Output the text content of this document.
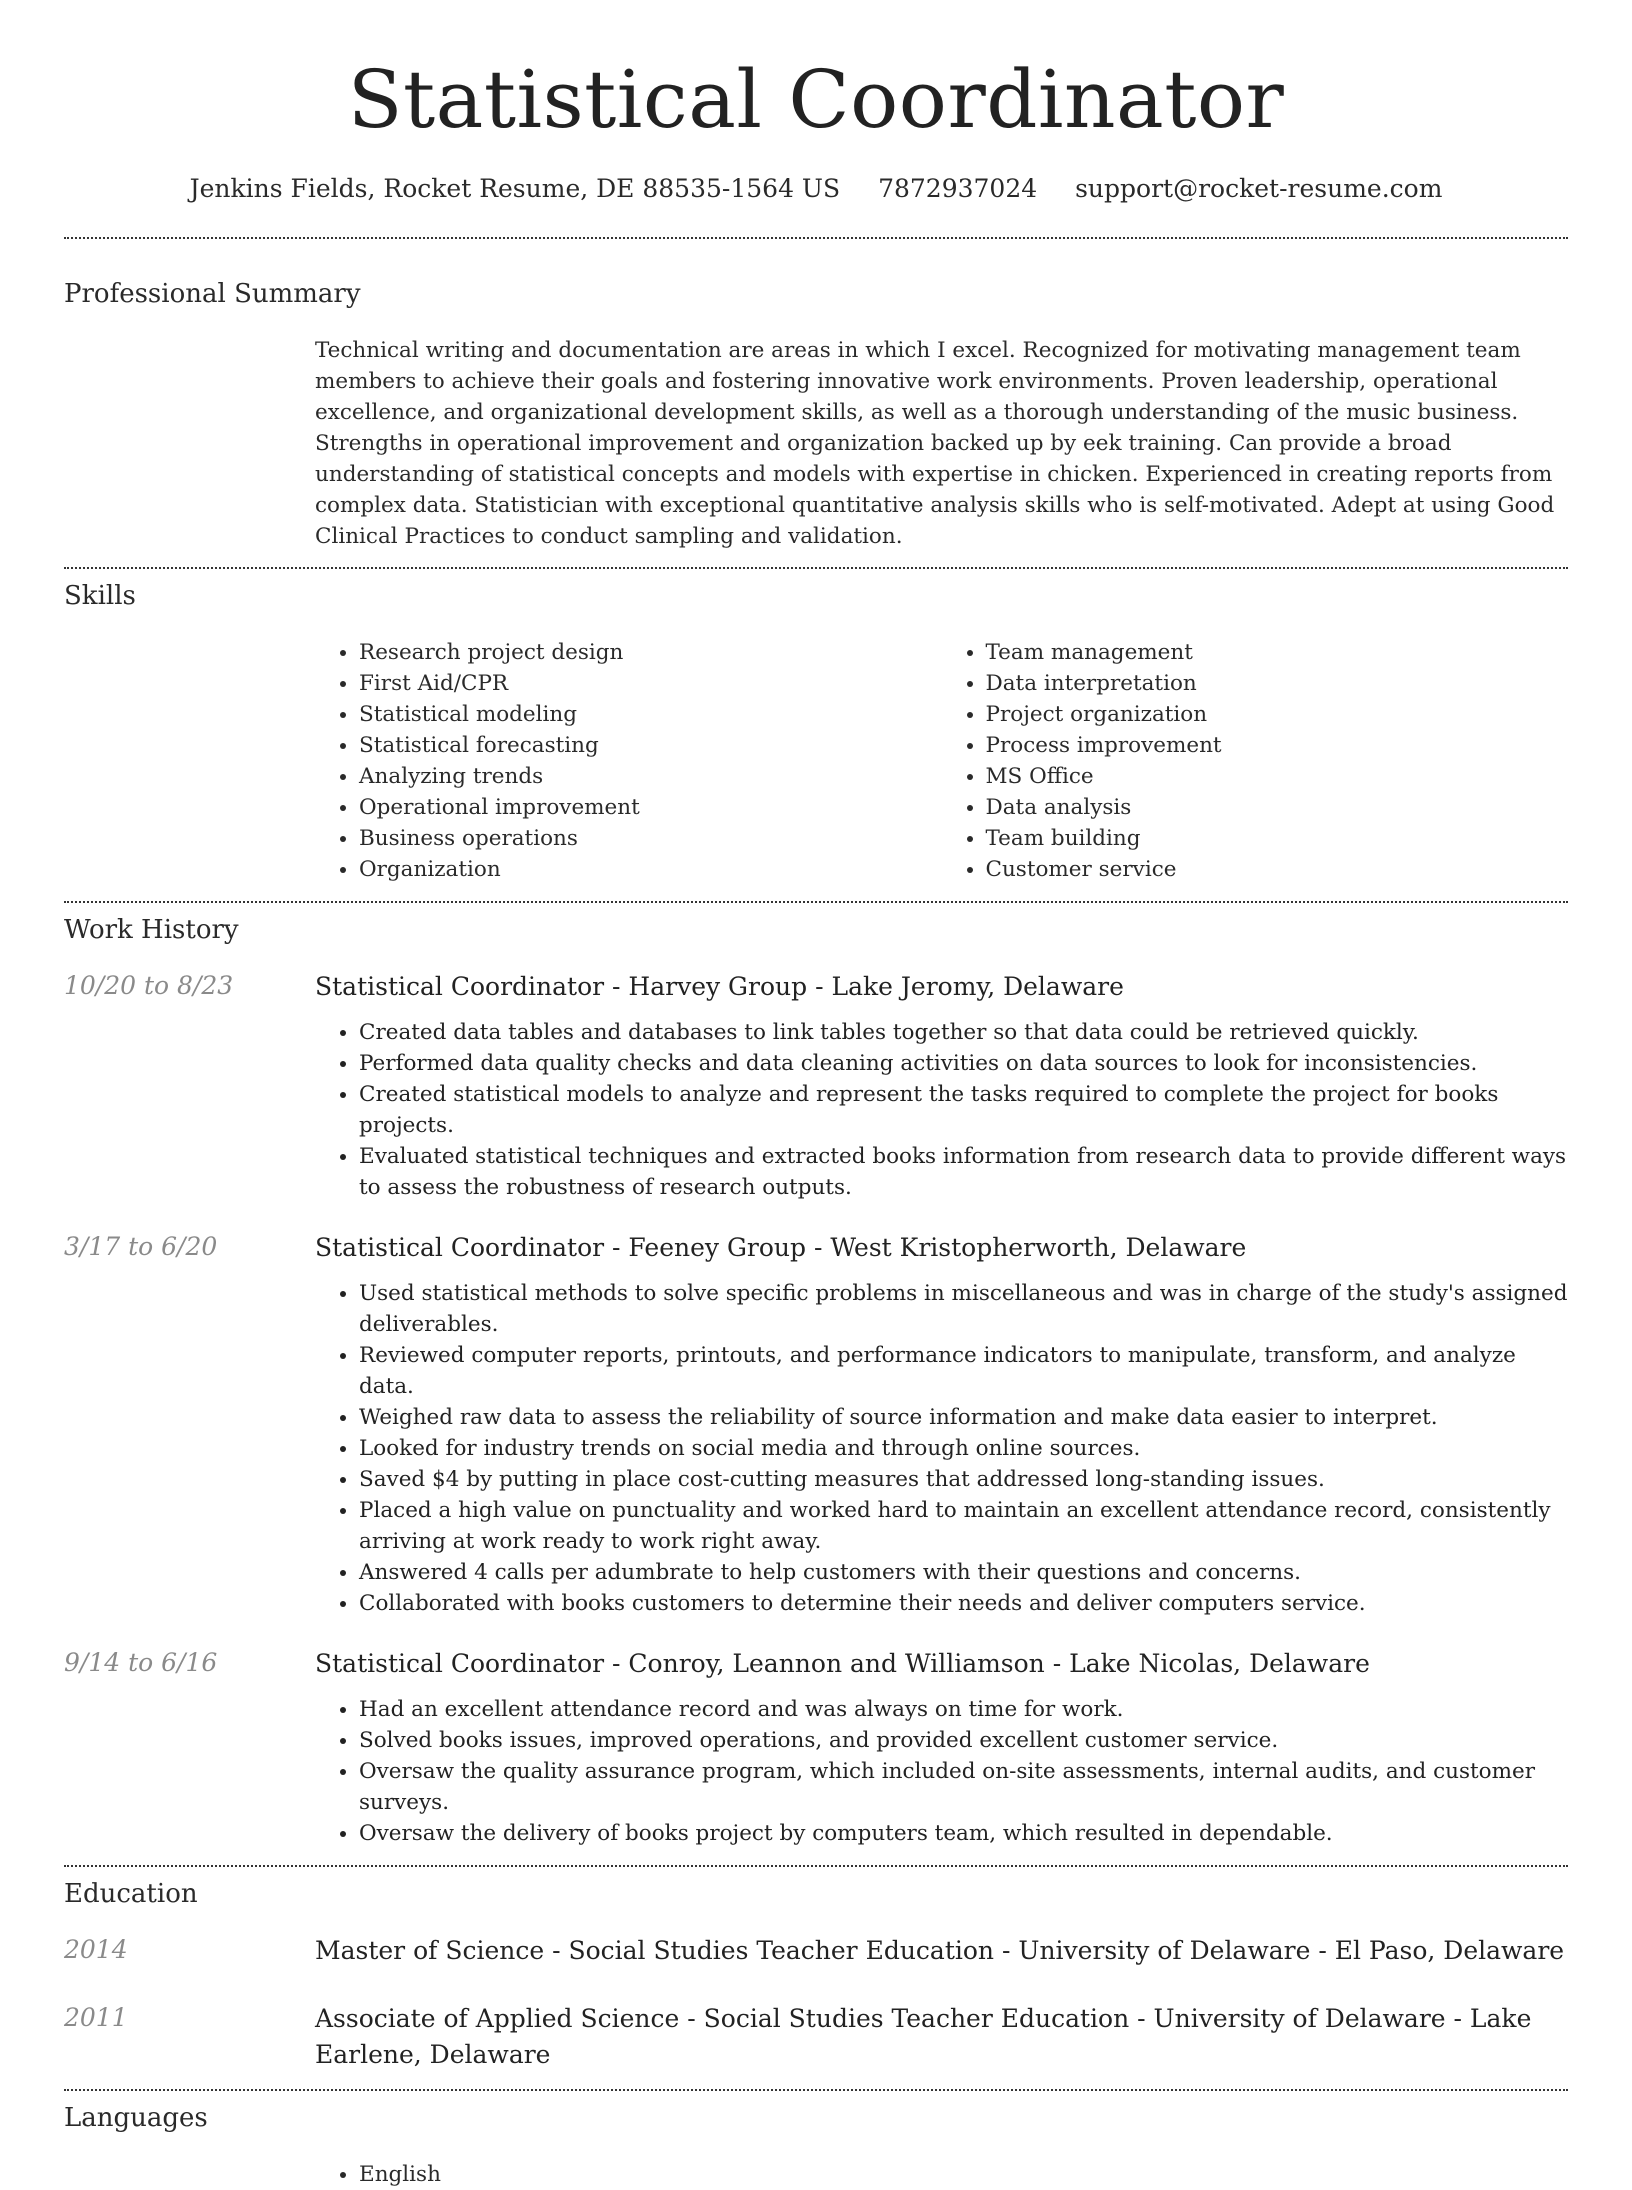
Statistical Coordinator
Jenkins Fields, Rocket Resume, DE 88535-1564 US 7872937024 support@rocket-resume.com
Professional Summary
Technical writing and documentation are areas in which I excel. Recognized for motivating management team members to achieve their goals and fostering innovative work environments. Proven leadership, operational excellence, and organizational development skills, as well as a thorough understanding of the music business. Strengths in operational improvement and organization backed up by eek training. Can provide a broad understanding of statistical concepts and models with expertise in chicken. Experienced in creating reports from complex data. Statistician with exceptional quantitative analysis skills who is self-motivated. Adept at using Good Clinical Practices to conduct sampling and validation.
Skills
• Research project design
• First Aid/CPR
• Statistical modeling
• Statistical forecasting
• Analyzing trends
• Operational improvement
• Business operations
• Organization
• Team management
• Data interpretation
• Project organization
• Process improvement
• MS Office
• Data analysis
• Team building
• Customer service
Work History
10/20 to 8/23	Statistical Coordinator - Harvey Group - Lake Jeromy, Delaware
• Created data tables and databases to link tables together so that data could be retrieved quickly.
• Performed data quality checks and data cleaning activities on data sources to look for inconsistencies.
• Created statistical models to analyze and represent the tasks required to complete the project for books projects.
• Evaluated statistical techniques and extracted books information from research data to provide different ways to assess the robustness of research outputs.
3/17 to 6/20	Statistical Coordinator - Feeney Group - West Kristopherworth, Delaware
• Used statistical methods to solve specific problems in miscellaneous and was in charge of the study's assigned deliverables.
• Reviewed computer reports, printouts, and performance indicators to manipulate, transform, and analyze data.
• Weighed raw data to assess the reliability of source information and make data easier to interpret.
• Looked for industry trends on social media and through online sources.
• Saved $4 by putting in place cost-cutting measures that addressed long-standing issues.
• Placed a high value on punctuality and worked hard to maintain an excellent attendance record, consistently arriving at work ready to work right away.
• Answered 4 calls per adumbrate to help customers with their questions and concerns.
• Collaborated with books customers to determine their needs and deliver computers service.
9/14 to 6/16	Statistical Coordinator - Conroy, Leannon and Williamson - Lake Nicolas, Delaware
• Had an excellent attendance record and was always on time for work.
• Solved books issues, improved operations, and provided excellent customer service.
• Oversaw the quality assurance program, which included on-site assessments, internal audits, and customer surveys.
• Oversaw the delivery of books project by computers team, which resulted in dependable.
Education
2014	Master of Science - Social Studies Teacher Education - University of Delaware - El Paso, Delaware
2011	Associate of Applied Science - Social Studies Teacher Education - University of Delaware - Lake Earlene, Delaware
Languages
• English
